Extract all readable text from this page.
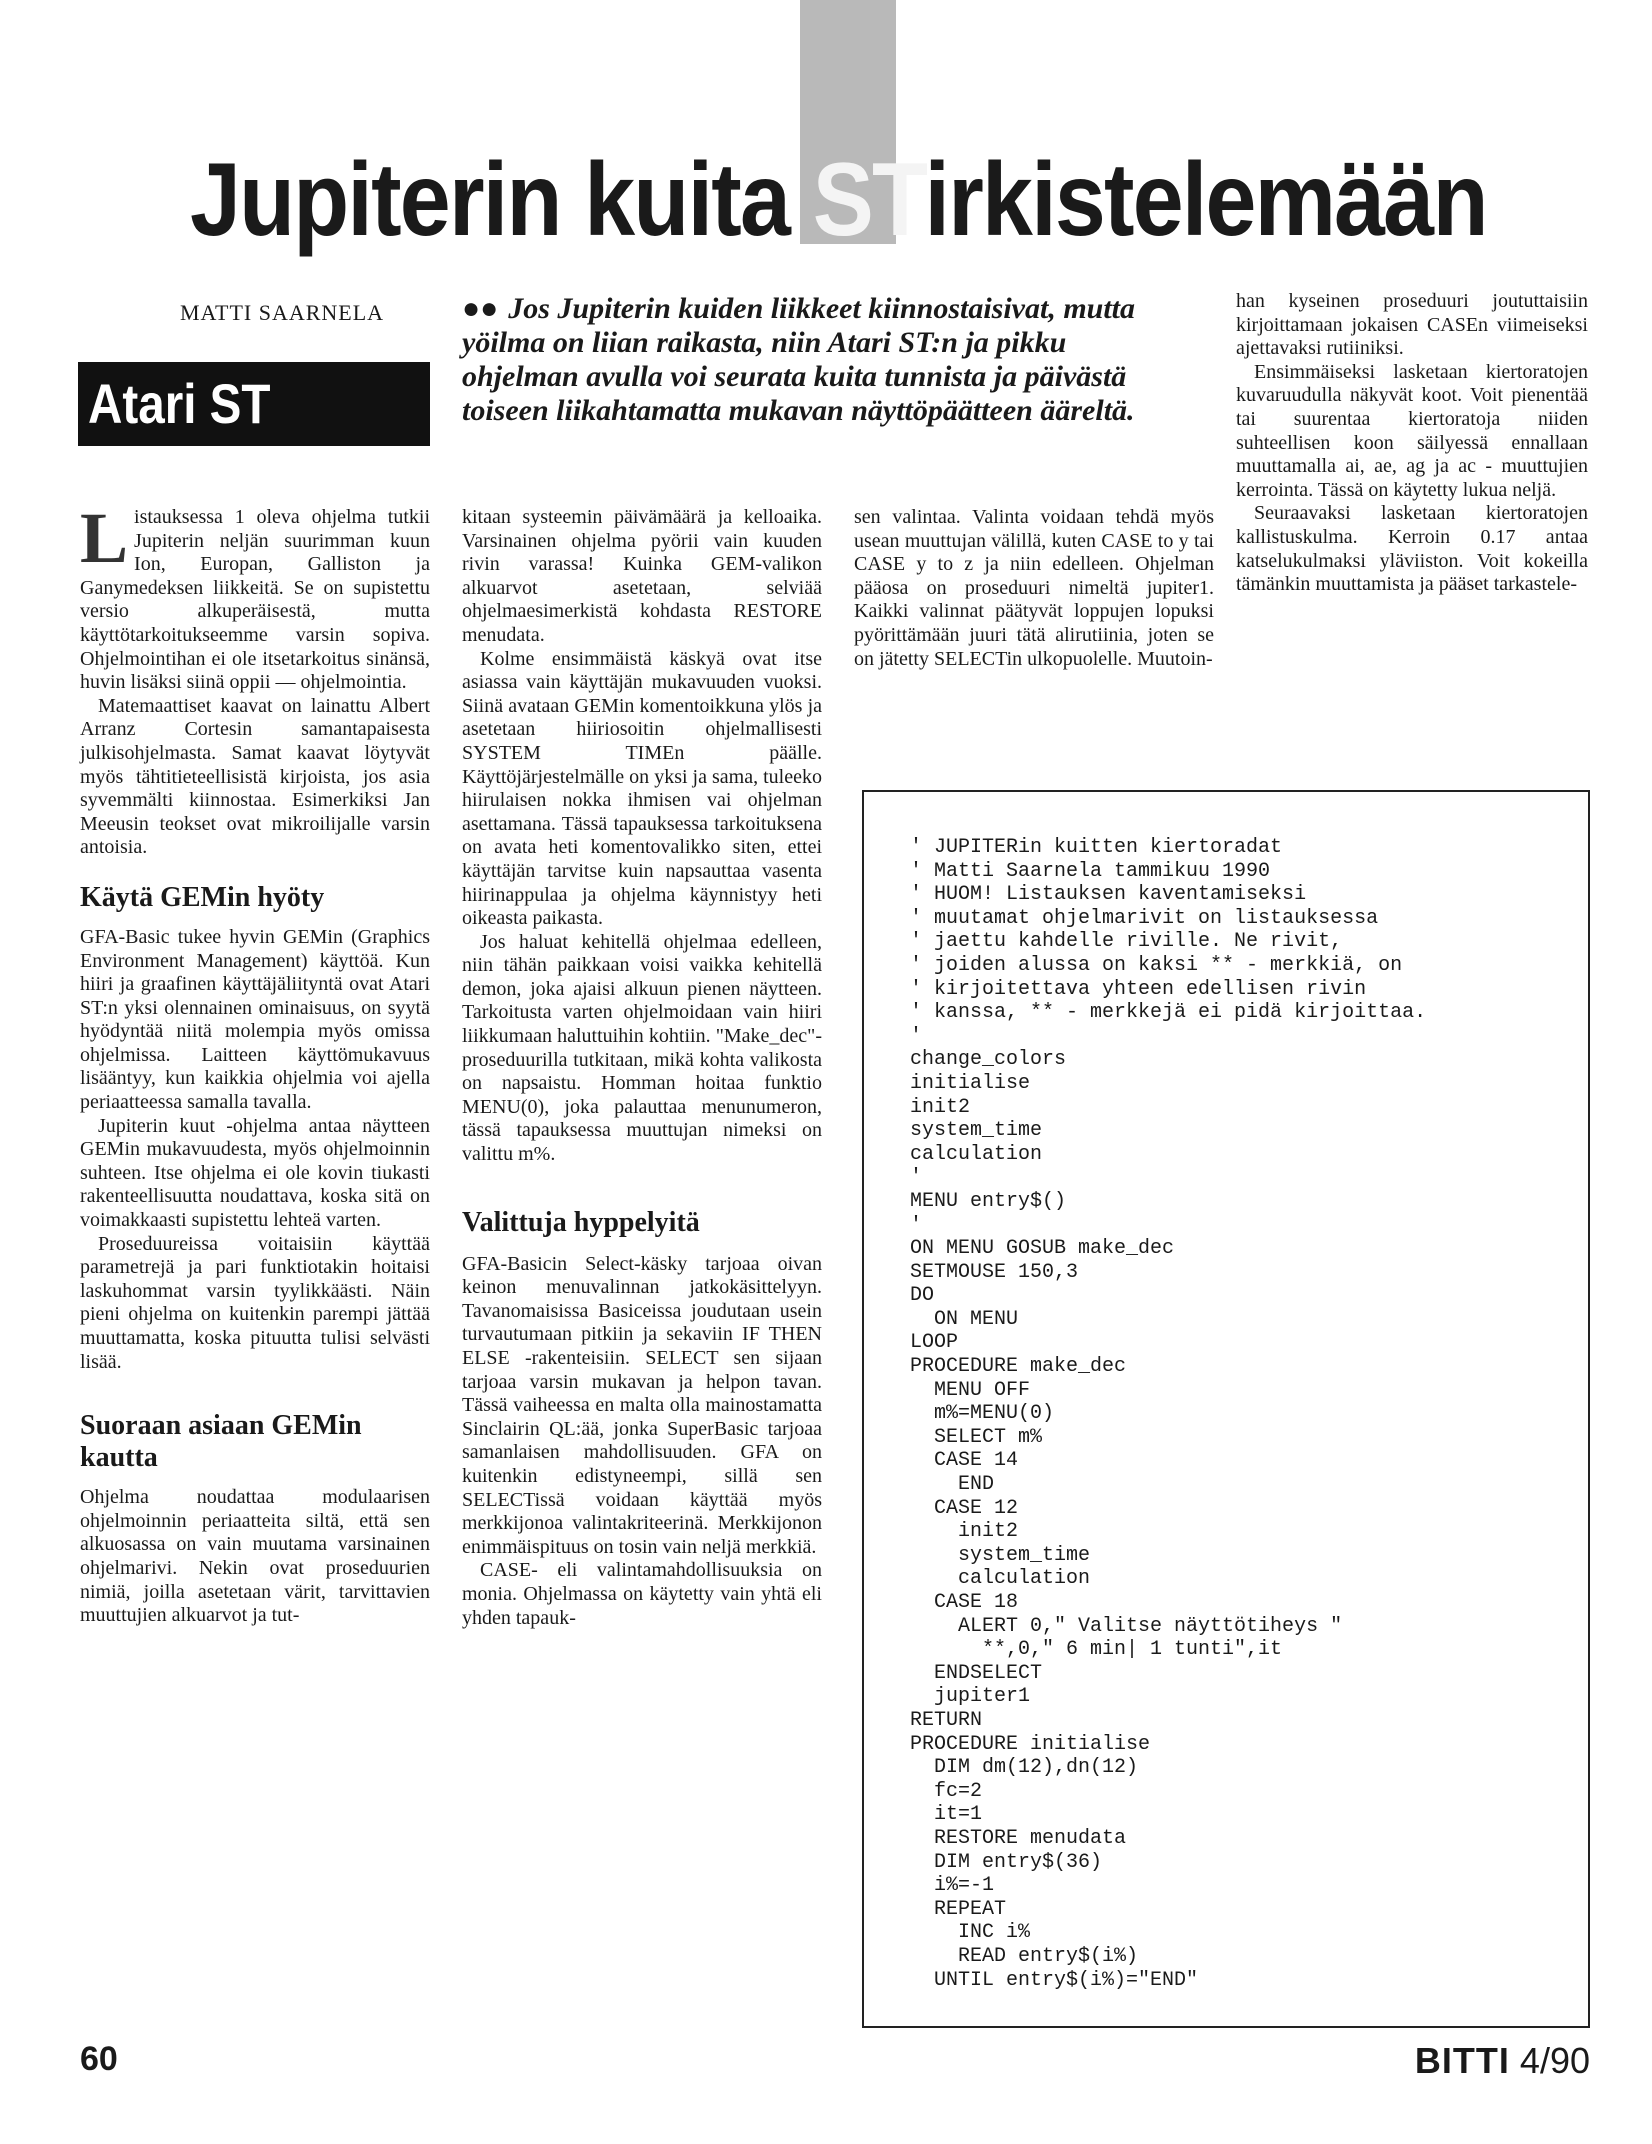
Jupiterin kuita STirkistelemään
MATTI SAARNELA
Atari ST
●● Jos Jupiterin kuiden liikkeet kiinnostaisivat, mutta yöilma on liian raikasta, niin Atari ST:n ja pikku ohjelman avulla voi seurata kuita tunnista ja päivästä toiseen liikahtamatta mukavan näyttöpäätteen ääreltä.

Listauksessa 1 oleva ohjelma tutkii Jupiterin neljän suurimman kuun Ion, Europan, Galliston ja Ganymedeksen liikkeitä. Se on supistettu versio alkuperäisestä, mutta käyttötarkoitukseemme varsin sopiva. Ohjelmointihan ei ole itsetarkoitus sinänsä, huvin lisäksi siinä oppii — ohjelmointia.

Matemaattiset kaavat on lainattu Albert Arranz Cortesin samantapaisesta julkisohjelmasta. Samat kaavat löytyvät myös tähtitieteellisistä kirjoista, jos asia syvemmälti kiinnostaa. Esimerkiksi Jan Meeusin teokset ovat mikroilijalle varsin antoisia.

Käytä GEMin hyöty

GFA-Basic tukee hyvin GEMin (Graphics Environment Management) käyttöä. Kun hiiri ja graafinen käyttäjäliityntä ovat Atari ST:n yksi olennainen ominaisuus, on syytä hyödyntää niitä molempia myös omissa ohjelmissa. Laitteen käyttömukavuus lisääntyy, kun kaikkia ohjelmia voi ajella periaatteessa samalla tavalla.

Jupiterin kuut -ohjelma antaa näytteen GEMin mukavuudesta, myös ohjelmoinnin suhteen. Itse ohjelma ei ole kovin tiukasti rakenteellisuutta noudattava, koska sitä on voimakkaasti supistettu lehteä varten.

Proseduureissa voitaisiin käyttää parametrejä ja pari funktiotakin hoitaisi laskuhommat varsin tyylikkäästi. Näin pieni ohjelma on kuitenkin parempi jättää muuttamatta, koska pituutta tulisi selvästi lisää.

Suoraan asiaan GEMin kautta

Ohjelma noudattaa modulaarisen ohjelmoinnin periaatteita siltä, että sen alkuosassa on vain muutama varsinainen ohjelmarivi. Nekin ovat proseduurien nimiä, joilla asetetaan värit, tarvittavien muuttujien alkuarvot ja tut-

kitaan systeemin päivämäärä ja kelloaika. Varsinainen ohjelma pyörii vain kuuden rivin varassa! Kuinka GEM-valikon alkuarvot asetetaan, selviää ohjelmaesimerkistä kohdasta RESTORE menudata.

Kolme ensimmäistä käskyä ovat itse asiassa vain käyttäjän mukavuuden vuoksi. Siinä avataan GEMin komentoikkuna ylös ja asetetaan hiiriosoitin ohjelmallisesti SYSTEM TIMEn päälle. Käyttöjärjestelmälle on yksi ja sama, tuleeko hiirulaisen nokka ihmisen vai ohjelman asettamana. Tässä tapauksessa tarkoituksena on avata heti komentovalikko siten, ettei käyttäjän tarvitse kuin napsauttaa vasenta hiirinappulaa ja ohjelma käynnistyy heti oikeasta paikasta.

Jos haluat kehitellä ohjelmaa edelleen, niin tähän paikkaan voisi vaikka kehitellä demon, joka ajaisi alkuun pienen näytteen. Tarkoitusta varten ohjelmoidaan vain hiiri liikkumaan haluttuihin kohtiin. "Make_dec"-proseduurilla tutkitaan, mikä kohta valikosta on napsaistu. Homman hoitaa funktio MENU(0), joka palauttaa menunumeron, tässä tapauksessa muuttujan nimeksi on valittu m%.

Valittuja hyppelyitä

GFA-Basicin Select-käsky tarjoaa oivan keinon menuvalinnan jatkokäsittelyyn. Tavanomaisissa Basiceissa joudutaan usein turvautumaan pitkiin ja sekaviin IF THEN ELSE -rakenteisiin. SELECT sen sijaan tarjoaa varsin mukavan ja helpon tavan. Tässä vaiheessa en malta olla mainostamatta Sinclairin QL:ää, jonka SuperBasic tarjoaa samanlaisen mahdollisuuden. GFA on kuitenkin edistyneempi, sillä sen SELECTissä voidaan käyttää myös merkkijonoa valintakriteerinä. Merkkijonon enimmäispituus on tosin vain neljä merkkiä.

CASE- eli valintamahdollisuuksia on monia. Ohjelmassa on käytetty vain yhtä eli yhden tapauk-

sen valintaa. Valinta voidaan tehdä myös usean muuttujan välillä, kuten CASE to y tai CASE y to z ja niin edelleen. Ohjelman pääosa on proseduuri nimeltä jupiter1. Kaikki valinnat päätyvät loppujen lopuksi pyörittämään juuri tätä alirutiinia, joten se on jätetty SELECTin ulkopuolelle. Muutoin-

han kyseinen proseduuri joututtaisiin kirjoittamaan jokaisen CASEn viimeiseksi ajettavaksi rutiiniksi.

Ensimmäiseksi lasketaan kiertoratojen kuvaruudulla näkyvät koot. Voit pienentää tai suurentaa kiertoratoja niiden suhteellisen koon säilyessä ennallaan muuttamalla ai, ae, ag ja ac - muuttujien kerrointa. Tässä on käytetty lukua neljä.

Seuraavaksi lasketaan kiertoratojen kallistuskulma. Kerroin 0.17 antaa katselukulmaksi yläviiston. Voit kokeilla tämänkin muuttamista ja pääset tarkastele-

' JUPITERin kuitten kiertoradat
' Matti Saarnela tammikuu 1990
' HUOM! Listauksen kaventamiseksi
' muutamat ohjelmarivit on listauksessa
' jaettu kahdelle riville. Ne rivit,
' joiden alussa on kaksi ** - merkkiä, on
' kirjoitettava yhteen edellisen rivin
' kanssa, ** - merkkejä ei pidä kirjoittaa.
'
change_colors
initialise
init2
system_time
calculation
'
MENU entry$()
'
ON MENU GOSUB make_dec
SETMOUSE 150,3
DO
ON MENU
LOOP
PROCEDURE make_dec
MENU OFF
m%=MENU(0)
SELECT m%
CASE 14
END
CASE 12
init2
system_time
calculation
CASE 18
ALERT 0," Valitse näyttötiheys "
**,0," 6 min| 1 tunti",it
ENDSELECT
jupiter1
RETURN
PROCEDURE initialise
DIM dm(12),dn(12)
fc=2
it=1
RESTORE menudata
DIM entry$(36)
i%=-1
REPEAT
INC i%
READ entry$(i%)
UNTIL entry$(i%)="END"
60	BITTI 4/90
